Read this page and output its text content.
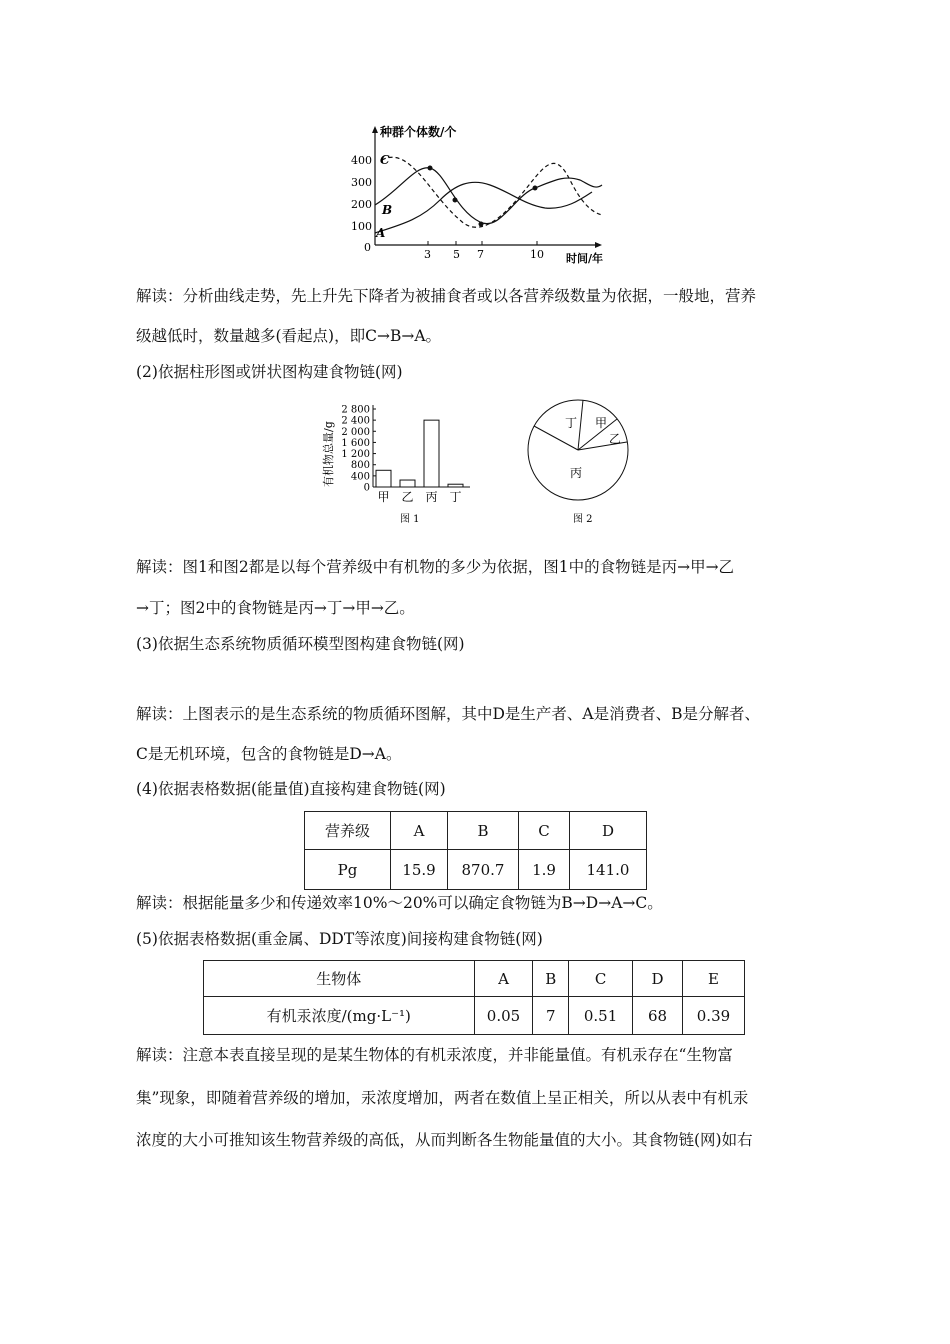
种群个体数/个
时间/年
0
100
200
300
400
3 5 7	10
C
B
A
解读：分析曲线走势，先上升先下降者为被捕食者或以各营养级数量为依据，一般地，营养
级越低时，数量越多(看起点)，即C→B→A。
(2)依据柱形图或饼状图构建食物链(网)
有机物总量/g
0
400
800
1 200
1 600
2 000
2 400
2 800
甲 乙 丙 丁
图 1
丁 甲
乙
丙
图 2
解读：图1和图2都是以每个营养级中有机物的多少为依据，图1中的食物链是丙→甲→乙
→丁；图2中的食物链是丙→丁→甲→乙。
(3)依据生态系统物质循环模型图构建食物链(网)
解读：上图表示的是生态系统的物质循环图解，其中D是生产者、A是消费者、B是分解者、
C是无机环境，包含的食物链是D→A。
(4)依据表格数据(能量值)直接构建食物链(网)
营养级	A	B	C	D
Pg	15.9	870.7	1.9	141.0
解读：根据能量多少和传递效率10%～20%可以确定食物链为B→D→A→C。
(5)依据表格数据(重金属、DDT等浓度)间接构建食物链(网)
生物体	A	B	C	D	E
有机汞浓度/(mg·L⁻¹)	0.05	7	0.51	68	0.39
解读：注意本表直接呈现的是某生物体的有机汞浓度，并非能量值。有机汞存在“生物富
集”现象，即随着营养级的增加，汞浓度增加，两者在数值上呈正相关，所以从表中有机汞
浓度的大小可推知该生物营养级的高低，从而判断各生物能量值的大小。其食物链(网)如右
